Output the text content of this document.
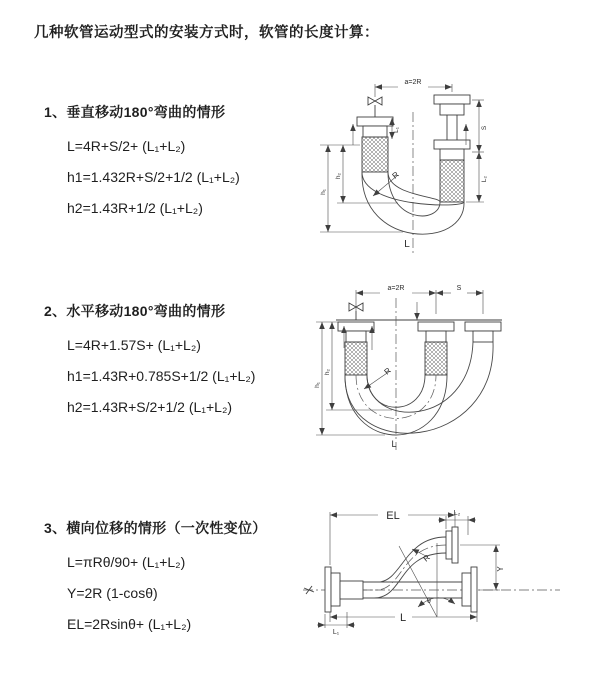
几种软管运动型式的安装方式时，软管的长度计算：
1、垂直移动180°弯曲的情形
L=4R+S/2+ (L₁+L₂)
h1=1.432R+S/2+1/2 (L₁+L₂)
h2=1.43R+1/2 (L₁+L₂)
2、水平移动180°弯曲的情形
L=4R+1.57S+ (L₁+L₂)
h1=1.43R+0.785S+1/2 (L₁+L₂)
h2=1.43R+S/2+1/2 (L₁+L₂)
3、横向位移的情形（一次性变位）
L=πRθ/90+ (L₁+L₂)
Y=2R (1-cosθ)
EL=2Rsinθ+ (L₁+L₂)
a=2R
S
L₂
L₁
h₁
h₂	R
L
a=2R	S
h₁
h₂	R
L
EL	L₂
Y
R
θ
L
L₁
